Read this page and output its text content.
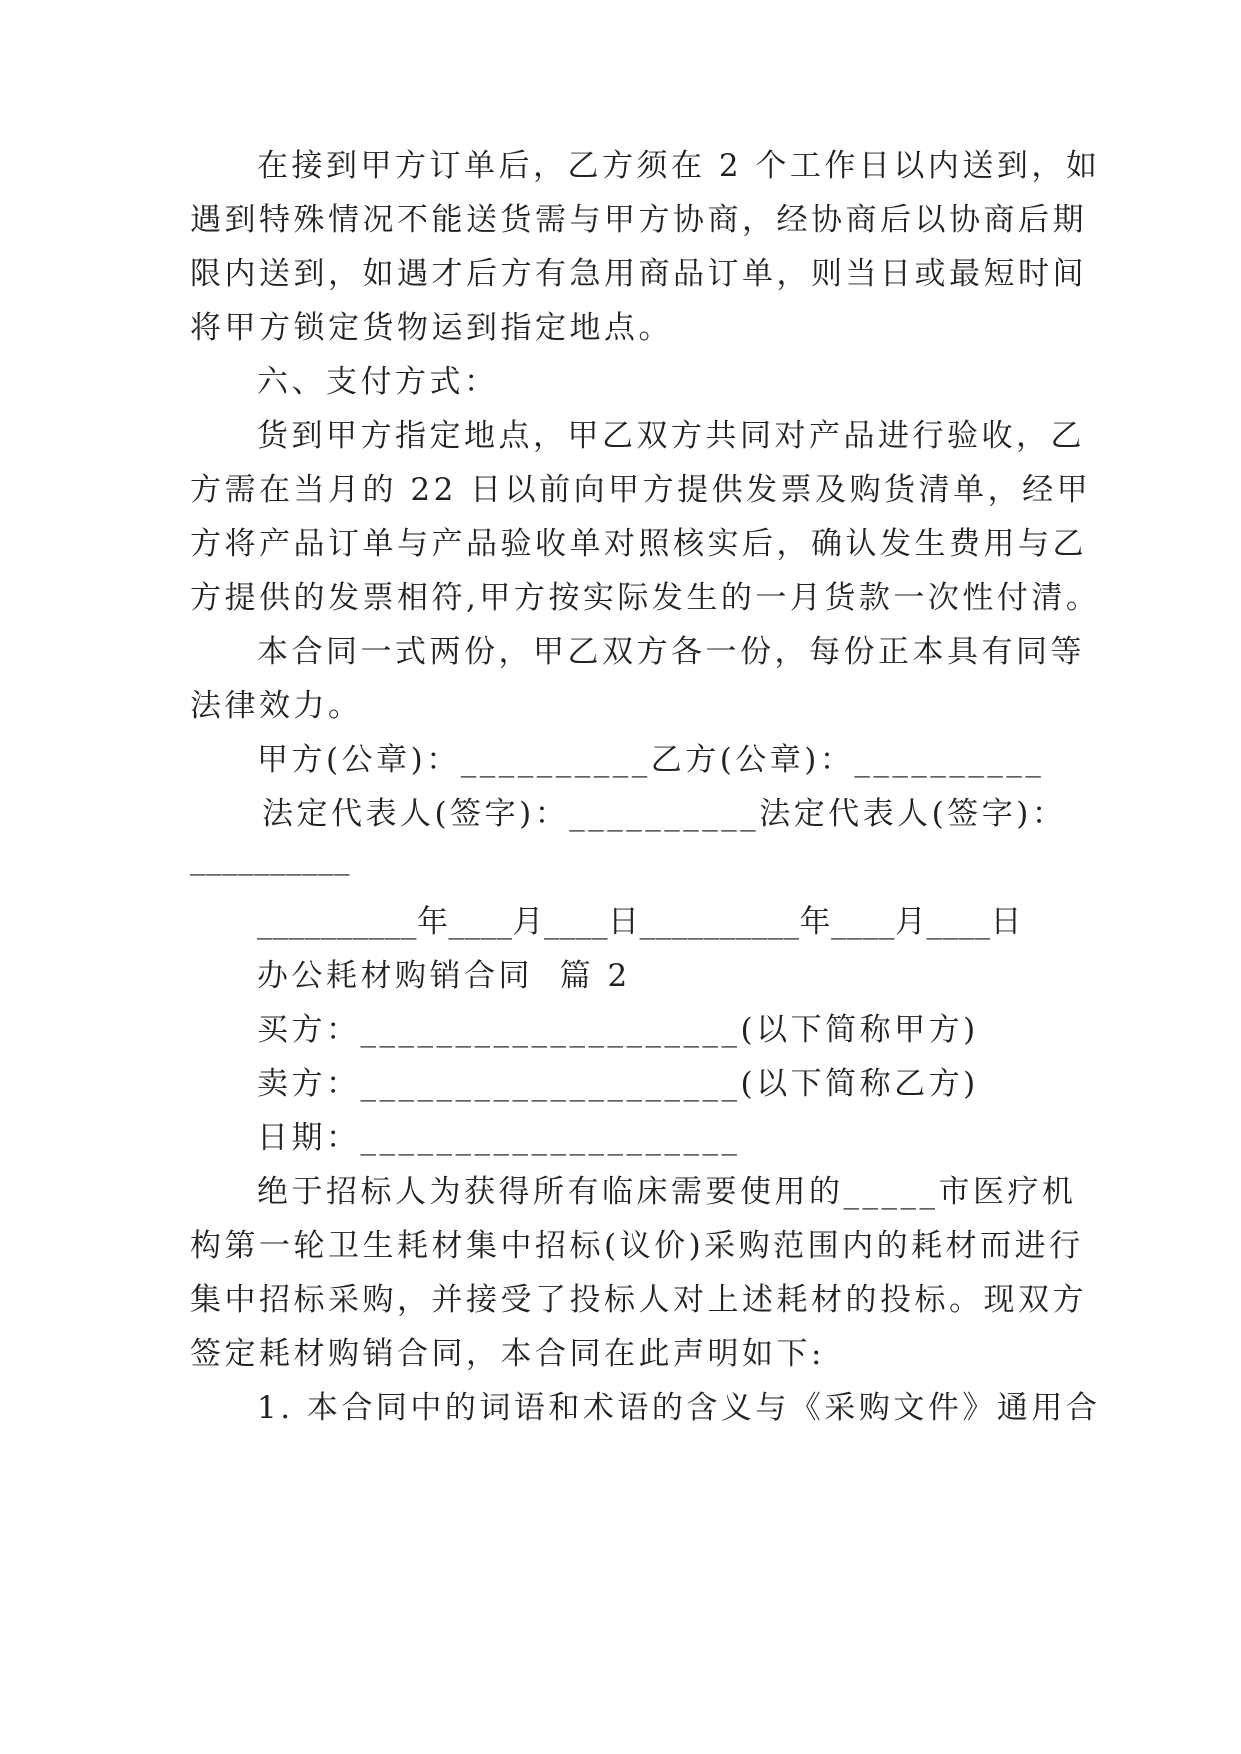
在接到甲方订单后，乙方须在 2 个工作日以内送到，如
遇到特殊情况不能送货需与甲方协商，经协商后以协商后期
限内送到，如遇才后方有急用商品订单，则当日或最短时间
将甲方锁定货物运到指定地点。
六、支付方式：
货到甲方指定地点，甲乙双方共同对产品进行验收，乙
方需在当月的 22 日以前向甲方提供发票及购货清单，经甲
方将产品订单与产品验收单对照核实后，确认发生费用与乙
方提供的发票相符,甲方按实际发生的一月货款一次性付清。
本合同一式两份，甲乙双方各一份，每份正本具有同等
法律效力。
甲方(公章)：__________乙方(公章)：__________
法定代表人(签字)：__________法定代表人(签字)：
__________
__________年____月____日__________年____月____日
办公耗材购销合同  篇 2
买方：____________________(以下简称甲方)
卖方：____________________(以下简称乙方)
日期：____________________
绝于招标人为获得所有临床需要使用的_____市医疗机
构第一轮卫生耗材集中招标(议价)采购范围内的耗材而进行
集中招标采购，并接受了投标人对上述耗材的投标。现双方
签定耗材购销合同，本合同在此声明如下:
1. 本合同中的词语和术语的含义与《采购文件》通用合
